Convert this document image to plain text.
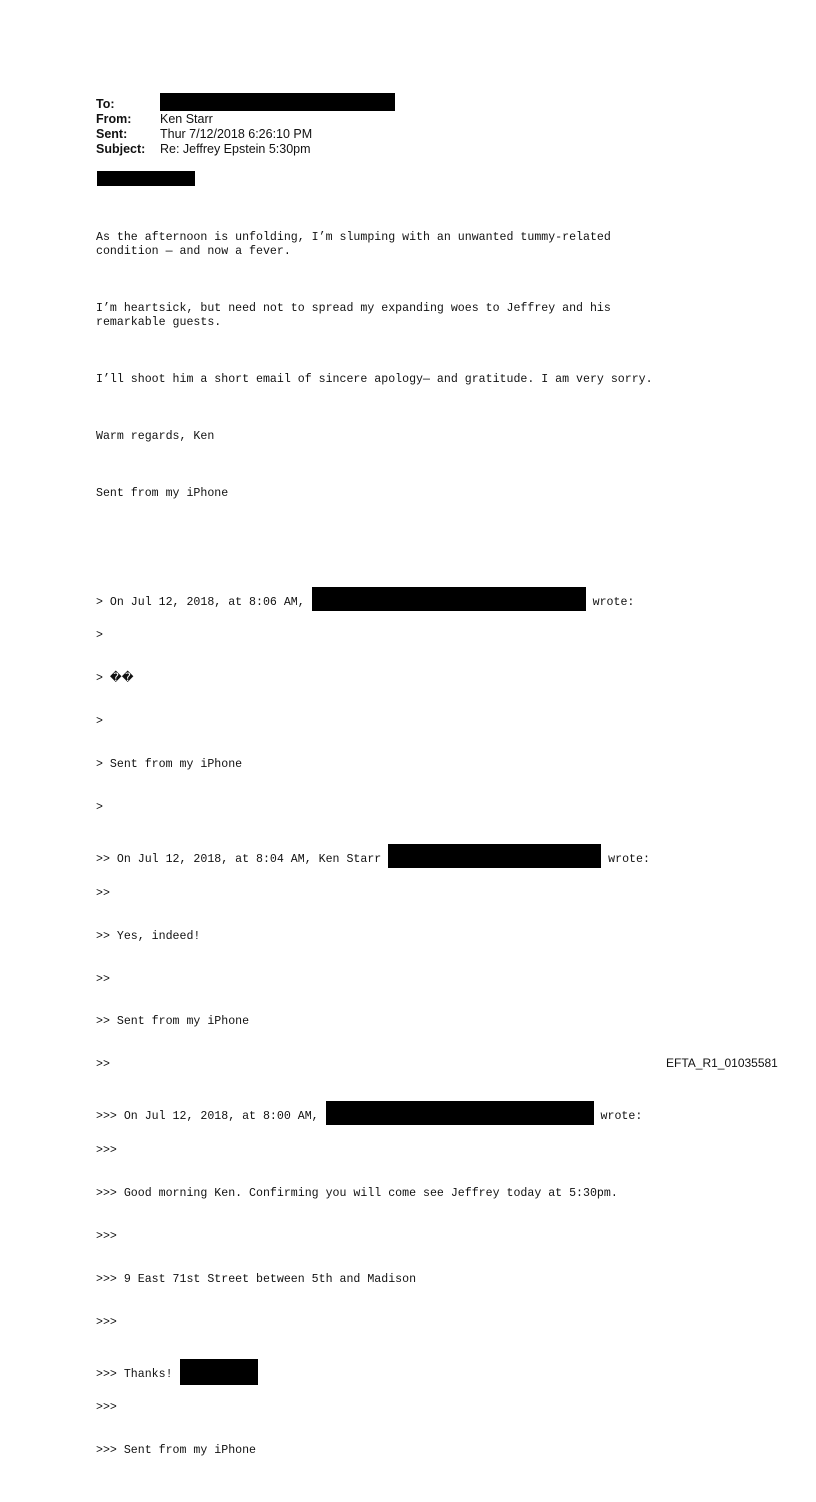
To:
From:	Ken Starr
Sent:	Thur 7/12/2018 6:26:10 PM
Subject:	Re: Jeffrey Epstein 5:30pm

As the afternoon is unfolding, I’m slumping with an unwanted tummy-related
condition — and now a fever.

I’m heartsick, but need not to spread my expanding woes to Jeffrey and his
remarkable guests.

I’ll shoot him a short email of sincere apology— and gratitude. I am very sorry.

Warm regards, Ken

Sent from my iPhone

> On Jul 12, 2018, at 8:06 AM,	wrote:

>

> ��

>

> Sent from my iPhone

>

>> On Jul 12, 2018, at 8:04 AM, Ken Starr	wrote:

>>

>> Yes, indeed!

>>

>> Sent from my iPhone

>>

>>> On Jul 12, 2018, at 8:00 AM,	wrote:

>>>

>>> Good morning Ken. Confirming you will come see Jeffrey today at 5:30pm.

>>>

>>> 9 East 71st Street between 5th and Madison

>>>

>>> Thanks!

>>>

>>> Sent from my iPhone

EFTA_R1_01035581
